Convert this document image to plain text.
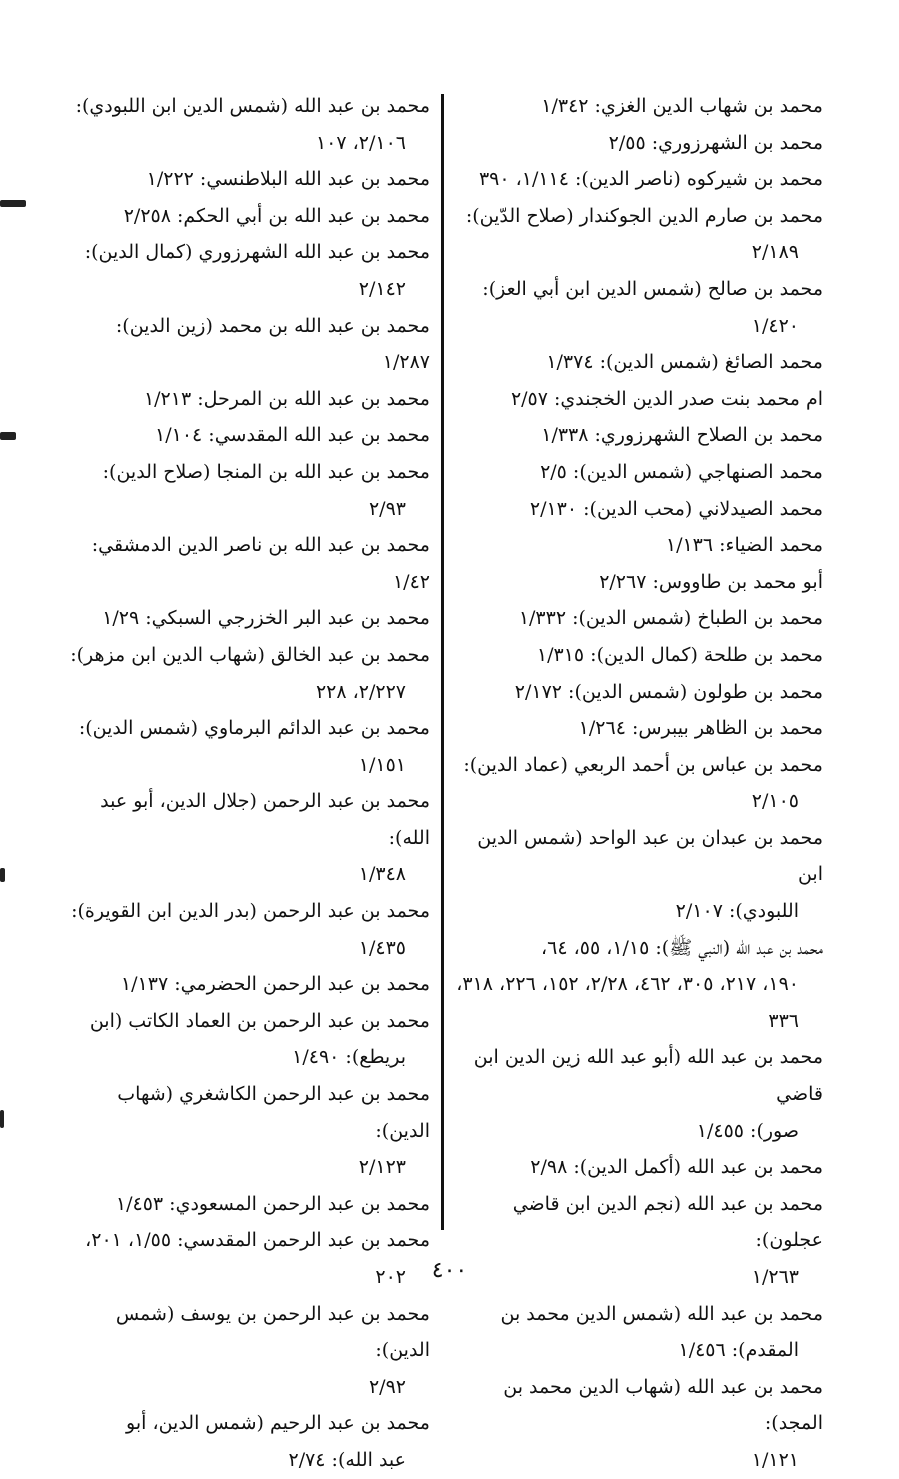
محمد بن شهاب الدين الغزي: ١/٣٤٢
محمد بن الشهرزوري: ٢/٥٥
محمد بن شيركوه (ناصر الدين): ١/١١٤، ٣٩٠
محمد بن صارم الدين الجوكندار (صلاح الدّين):
٢/١٨٩
محمد بن صالح (شمس الدين ابن أبي العز):
١/٤٢٠
محمد الصائغ (شمس الدين): ١/٣٧٤
ام محمد بنت صدر الدين الخجندي: ٢/٥٧
محمد بن الصلاح الشهرزوري: ١/٣٣٨
محمد الصنهاجي (شمس الدين): ٢/٥
محمد الصيدلاني (محب الدين): ٢/١٣٠
محمد الضياء: ١/١٣٦
أبو محمد بن طاووس: ٢/٢٦٧
محمد بن الطباخ (شمس الدين): ١/٣٣٢
محمد بن طلحة (كمال الدين): ١/٣١٥
محمد بن طولون (شمس الدين): ٢/١٧٢
محمد بن الظاهر بيبرس: ١/٢٦٤
محمد بن عباس بن أحمد الربعي (عماد الدين):
٢/١٠٥
محمد بن عبدان بن عبد الواحد (شمس الدين ابن
اللبودي): ٢/١٠٧
محمد بن عبد الله (النبي ﷺ): ١/١٥، ٥٥، ٦٤،
١٩٠، ٢١٧، ٣٠٥، ٤٦٢، ٢/٢٨، ١٥٢، ٢٢٦، ٣١٨، ٣٣٦
محمد بن عبد الله (أبو عبد الله زين الدين ابن قاضي
صور): ١/٤٥٥
محمد بن عبد الله (أكمل الدين): ٢/٩٨
محمد بن عبد الله (نجم الدين ابن قاضي عجلون):
١/٢٦٣
محمد بن عبد الله (شمس الدين محمد بن
المقدم): ١/٤٥٦
محمد بن عبد الله (شهاب الدين محمد بن المجد):
١/١٢١
محمد بن عبد الله (شمس الدين ابن اللبودي):
٢/١٠٦، ١٠٧
محمد بن عبد الله البلاطنسي: ١/٢٢٢
محمد بن عبد الله بن أبي الحكم: ٢/٢٥٨
محمد بن عبد الله الشهرزوري (كمال الدين):
٢/١٤٢
محمد بن عبد الله بن محمد (زين الدين): ١/٢٨٧
محمد بن عبد الله بن المرحل: ١/٢١٣
محمد بن عبد الله المقدسي: ١/١٠٤
محمد بن عبد الله بن المنجا (صلاح الدين):
٢/٩٣
محمد بن عبد الله بن ناصر الدين الدمشقي: ١/٤٢
محمد بن عبد البر الخزرجي السبكي: ١/٢٩
محمد بن عبد الخالق (شهاب الدين ابن مزهر):
٢/٢٢٧، ٢٢٨
محمد بن عبد الدائم البرماوي (شمس الدين):
١/١٥١
محمد بن عبد الرحمن (جلال الدين، أبو عبد الله):
١/٣٤٨
محمد بن عبد الرحمن (بدر الدين ابن القويرة):
١/٤٣٥
محمد بن عبد الرحمن الحضرمي: ١/١٣٧
محمد بن عبد الرحمن بن العماد الكاتب (ابن
بريطع): ١/٤٩٠
محمد بن عبد الرحمن الكاشغري (شهاب الدين):
٢/١٢٣
محمد بن عبد الرحمن المسعودي: ١/٤٥٣
محمد بن عبد الرحمن المقدسي: ١/٥٥، ٢٠١،
٢٠٢
محمد بن عبد الرحمن بن يوسف (شمس الدين):
٢/٩٢
محمد بن عبد الرحيم (شمس الدين، أبو
عبد الله): ٢/٧٤
٤٠٠
